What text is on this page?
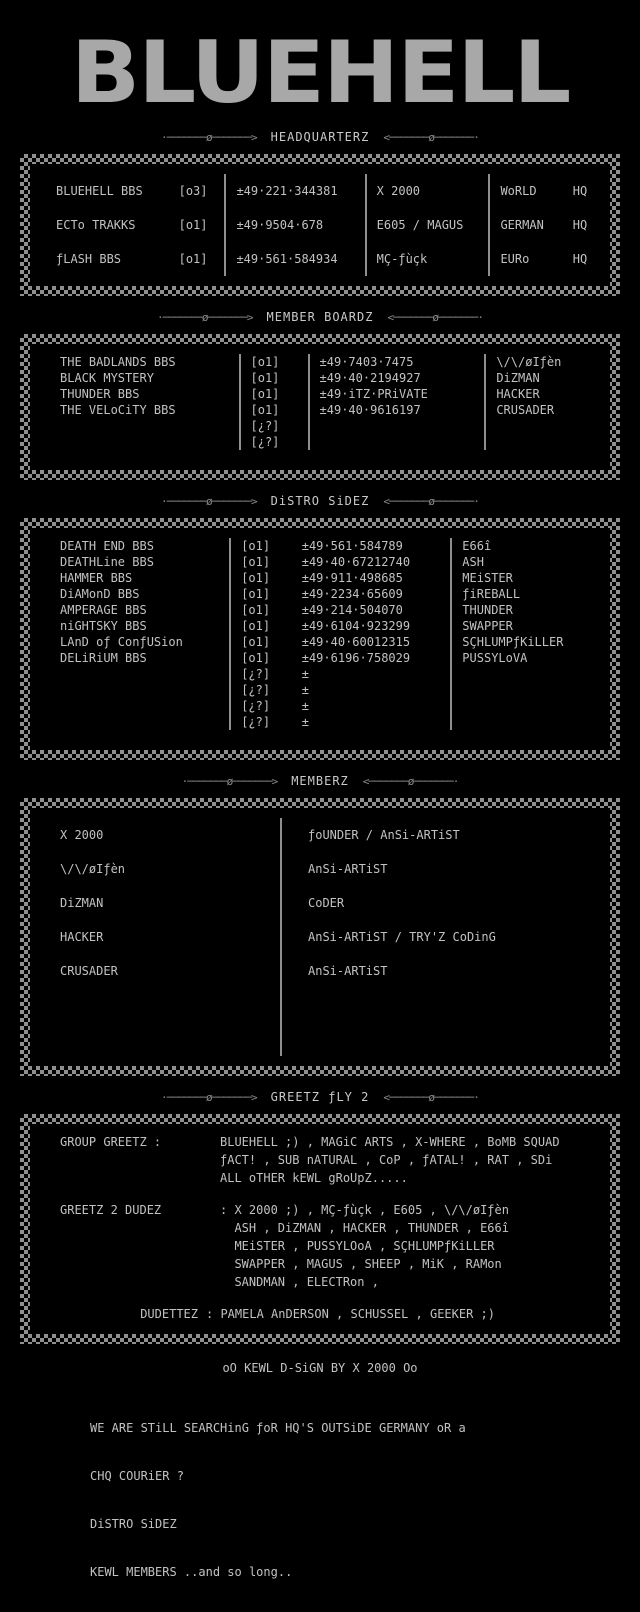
BLUEHELL
·───────ø───────>	HEADQUARTERZ	<───────ø───────·
BLUEHELL BBS	[o3]	±49·221·344381	X 2000	WoRLD	HQ
ECTo TRAKKS	[o1]	±49·9504·678	E605 / MAGUS	GERMAN	HQ
ƒLASH BBS	[o1]	±49·561·584934	MÇ-ƒùçk	EURo	HQ
·───────ø───────>	MEMBER BOARDZ	<───────ø───────·
THE BADLANDS BBS	[o1]	±49·7403·7475	\/\/øIƒèn
BLACK MYSTERY	[o1]	±49·40·2194927	DiZMAN
THUNDER BBS	[o1]	±49·iTZ·PRiVATE	HACKER
THE VELoCiTY BBS	[o1]	±49·40·9616197	CRUSADER
	[¿?]		
	[¿?]		
·───────ø───────>	DiSTRO SiDEZ	<───────ø───────·
DEATH END BBS	[o1]	±49·561·584789	E66î
DEATHLine BBS	[o1]	±49·40·67212740	ASH
HAMMER BBS	[o1]	±49·911·498685	MEiSTER
DiAMonD BBS	[o1]	±49·2234·65609	ƒiREBALL
AMPERAGE BBS	[o1]	±49·214·504070	THUNDER
niGHTSKY BBS	[o1]	±49·6104·923299	SWAPPER
LAnD oƒ ConƒUSion	[o1]	±49·40·60012315	SÇHLUMPƒKiLLER
DELiRiUM BBS	[o1]	±49·6196·758029	PUSSYLoVA
	[¿?]	±	
	[¿?]	±	
	[¿?]	±	
	[¿?]	±	
·───────ø───────>	MEMBERZ	<───────ø───────·
X 2000	ƒoUNDER / AnSi-ARTiST
\/\/øIƒèn	AnSi-ARTiST
DiZMAN	CoDER
HACKER	AnSi-ARTiST / TRY'Z CoDinG
CRUSADER	AnSi-ARTiST

·───────ø───────>	GREETZ ƒLY 2	<───────ø───────·
GROUP GREETZ :	BLUEHELL ;) , MAGiC ARTS , X-WHERE , BoMB SQUAD
ƒACT! , SUB nATURAL , CoP , ƒATAL! , RAT , SDi
ALL oTHER kEWL gRoUpZ.....
GREETZ 2 DUDEZ	: X 2000 ;) , MÇ-ƒùçk , E605 , \/\/øIƒèn
ASH , DiZMAN , HACKER , THUNDER , E66î
MEiSTER , PUSSYLOoA , SÇHLUMPƒKiLLER
SWAPPER , MAGUS , SHEEP , MiK , RAMon
SANDMAN , ELECTRon ,
DUDETTEZ : PAMELA AnDERSON , SCHUSSEL , GEEKER ;)
oO KEWL D-SiGN BY X 2000 Oo

WE ARE STiLL SEARCHinG ƒoR HQ'S OUTSiDE GERMANY oR a

CHQ COURiER ?

DiSTRO SiDEZ

KEWL MEMBERS ..and so long..
